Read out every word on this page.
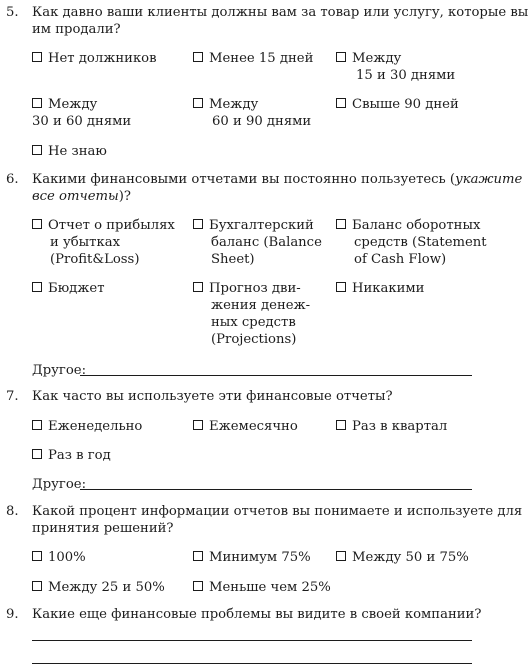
5. Как давно ваши клиенты должны вам за товар или услугу, которые вы
им продали?
Нет должников	Менее 15 дней	Между
15 и 30 днями
Между
30 и 60 днями
Между
60 и 90 днями
Свыше 90 дней
Не знаю
6. Какими финансовыми отчетами вы постоянно пользуетесь (укажите
все отчеты)?
Отчет о прибылях
и убытках
(Profit&Loss)
Бухгалтерский
баланс (Balance
Sheet)
Баланс оборотных
средств (Statement
of Cash Flow)
Бюджет	Прогноз дви-
жения денеж-
ных средств
(Projections)
Никакими
Другое:
7. Как часто вы используете эти финансовые отчеты?
Еженедельно	Ежемесячно	Раз в квартал
Раз в год
Другое:
8. Какой процент информации отчетов вы понимаете и используете для
принятия решений?
100%	Минимум 75%	Между 50 и 75%
Между 25 и 50%	Меньше чем 25%
9. Какие еще финансовые проблемы вы видите в своей компании?
